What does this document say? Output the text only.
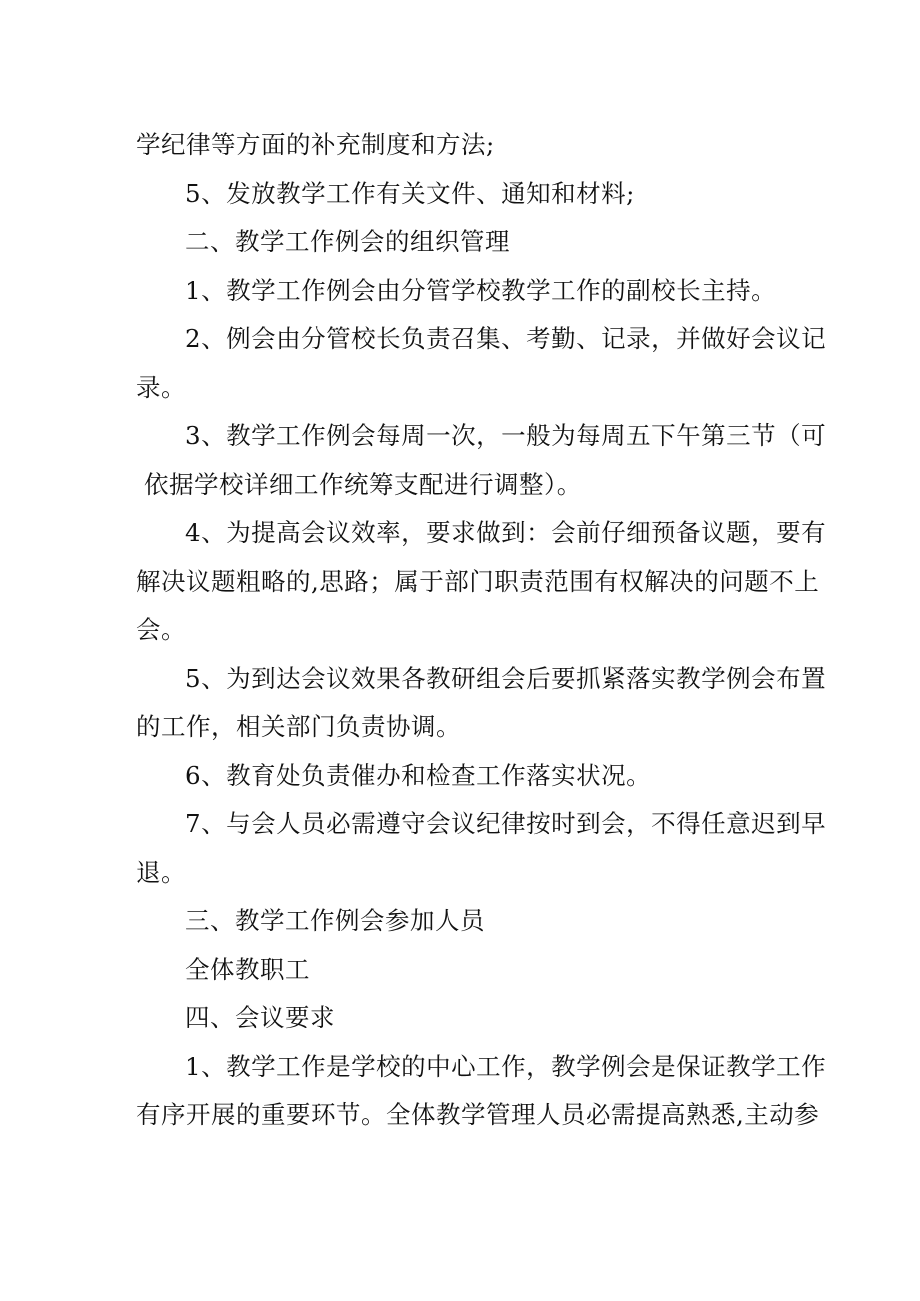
学纪律等方面的补充制度和方法;

5、发放教学工作有关文件、通知和材料;

二、教学工作例会的组织管理

1、教学工作例会由分管学校教学工作的副校长主持。

2、例会由分管校长负责召集、考勤、记录，并做好会议记

录。

3、教学工作例会每周一次，一般为每周五下午第三节（可

依据学校详细工作统筹支配进行调整）。

4、为提高会议效率，要求做到：会前仔细预备议题，要有

解决议题粗略的,思路；属于部门职责范围有权解决的问题不上

会。

5、为到达会议效果各教研组会后要抓紧落实教学例会布置

的工作，相关部门负责协调。

6、教育处负责催办和检查工作落实状况。

7、与会人员必需遵守会议纪律按时到会，不得任意迟到早

退。

三、教学工作例会参加人员

全体教职工

四、会议要求

1、教学工作是学校的中心工作，教学例会是保证教学工作

有序开展的重要环节。全体教学管理人员必需提高熟悉,主动参
